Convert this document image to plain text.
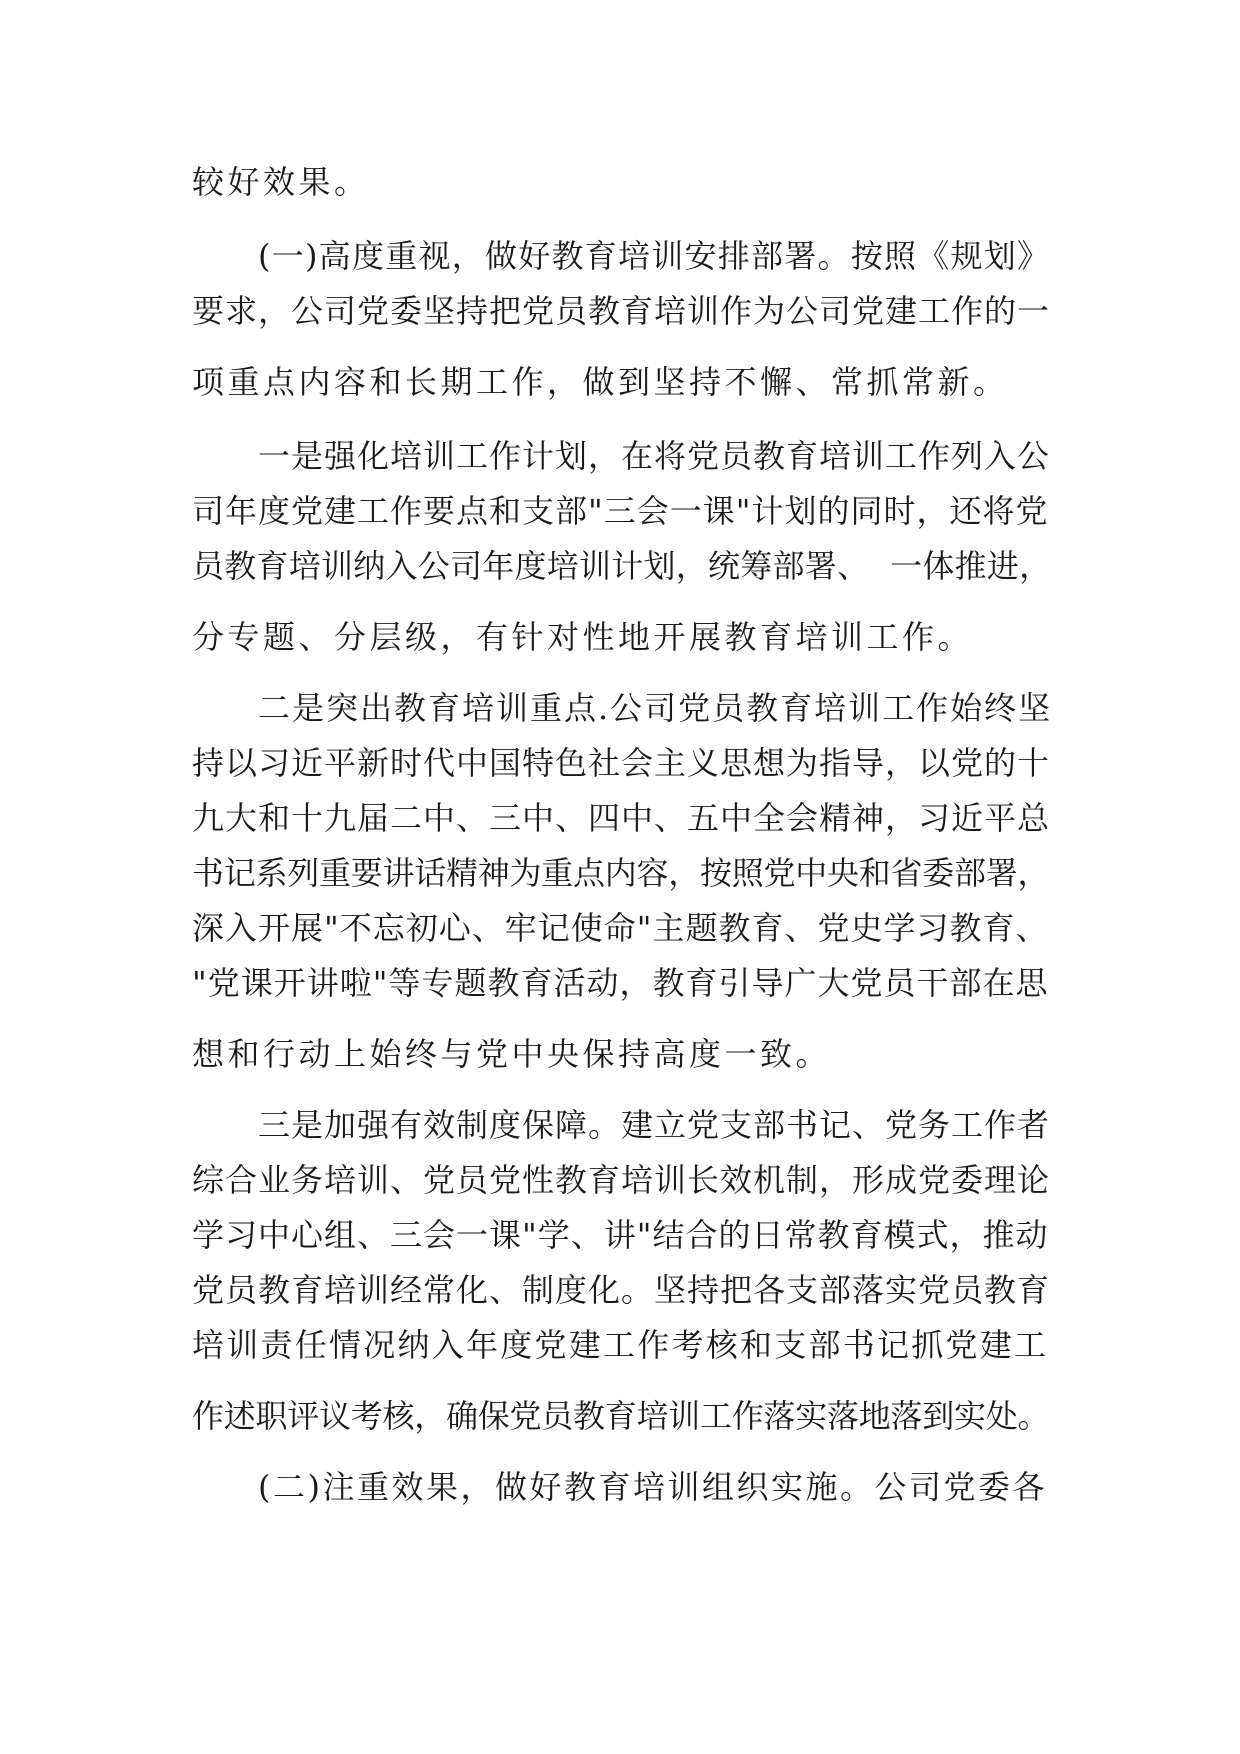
较好效果。
(一)高度重视，做好教育培训安排部署。按照《规划》
要求，公司党委坚持把党员教育培训作为公司党建工作的一
项重点内容和长期工作，做到坚持不懈、常抓常新。
一是强化培训工作计划，在将党员教育培训工作列入公
司年度党建工作要点和支部"三会一课"计划的同时，还将党
员教育培训纳入公司年度培训计划，统筹部署、  一体推进，
分专题、分层级，有针对性地开展教育培训工作。
二是突出教育培训重点.公司党员教育培训工作始终坚
持以习近平新时代中国特色社会主义思想为指导，以党的十
九大和十九届二中、三中、四中、五中全会精神，习近平总
书记系列重要讲话精神为重点内容，按照党中央和省委部署，
深入开展"不忘初心、牢记使命"主题教育、党史学习教育、
"党课开讲啦"等专题教育活动，教育引导广大党员干部在思
想和行动上始终与党中央保持高度一致。
三是加强有效制度保障。建立党支部书记、党务工作者
综合业务培训、党员党性教育培训长效机制，形成党委理论
学习中心组、三会一课"学、讲"结合的日常教育模式，推动
党员教育培训经常化、制度化。坚持把各支部落实党员教育
培训责任情况纳入年度党建工作考核和支部书记抓党建工
作述职评议考核，确保党员教育培训工作落实落地落到实处。
(二)注重效果，做好教育培训组织实施。公司党委各
